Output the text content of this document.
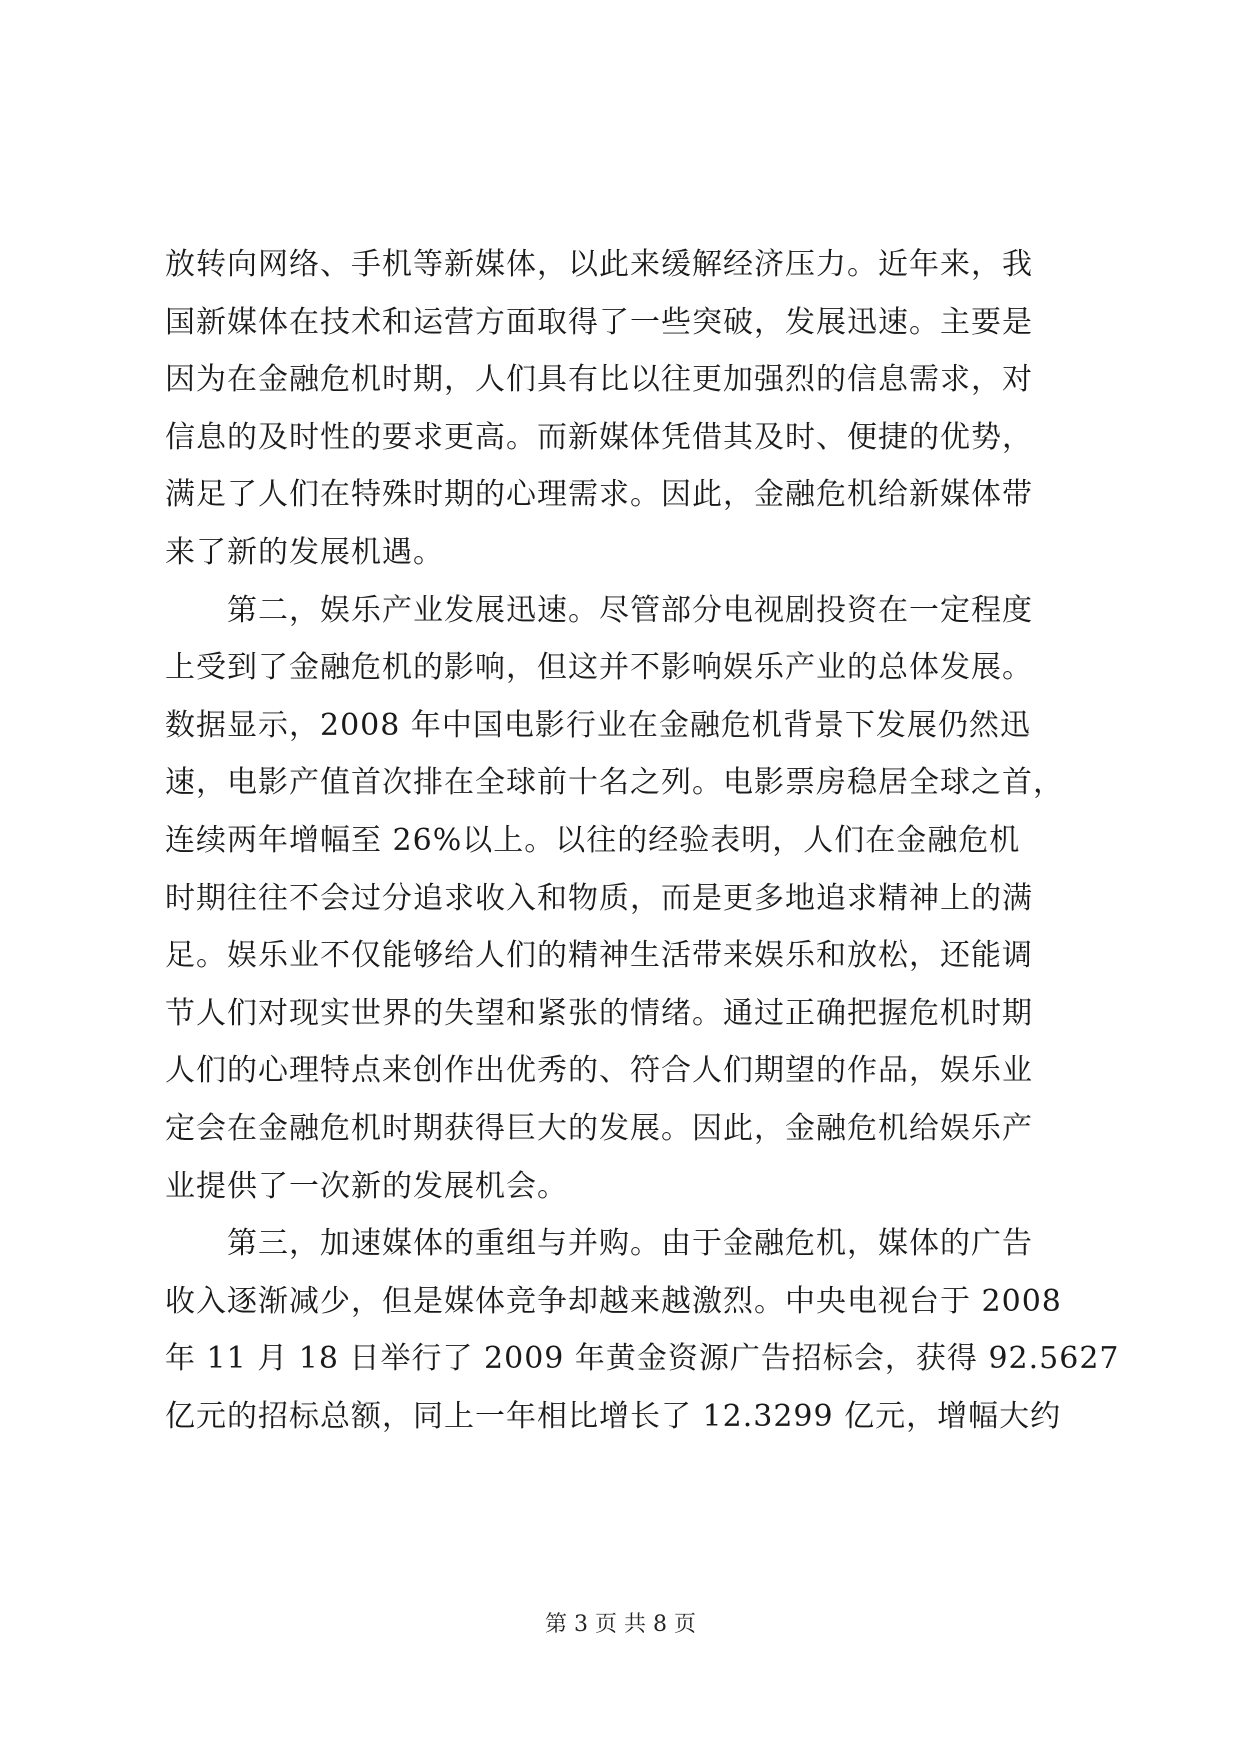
放转向网络、手机等新媒体，以此来缓解经济压力。近年来，我
国新媒体在技术和运营方面取得了一些突破，发展迅速。主要是
因为在金融危机时期，人们具有比以往更加强烈的信息需求，对
信息的及时性的要求更高。而新媒体凭借其及时、便捷的优势，
满足了人们在特殊时期的心理需求。因此，金融危机给新媒体带
来了新的发展机遇。

第二，娱乐产业发展迅速。尽管部分电视剧投资在一定程度
上受到了金融危机的影响，但这并不影响娱乐产业的总体发展。
数据显示，2008 年中国电影行业在金融危机背景下发展仍然迅
速，电影产值首次排在全球前十名之列。电影票房稳居全球之首，
连续两年增幅至 26%以上。以往的经验表明，人们在金融危机
时期往往不会过分追求收入和物质，而是更多地追求精神上的满
足。娱乐业不仅能够给人们的精神生活带来娱乐和放松，还能调
节人们对现实世界的失望和紧张的情绪。通过正确把握危机时期
人们的心理特点来创作出优秀的、符合人们期望的作品，娱乐业
定会在金融危机时期获得巨大的发展。因此，金融危机给娱乐产
业提供了一次新的发展机会。

第三，加速媒体的重组与并购。由于金融危机，媒体的广告
收入逐渐减少，但是媒体竞争却越来越激烈。中央电视台于 2008
年 11 月 18 日举行了 2009 年黄金资源广告招标会，获得 92.5627
亿元的招标总额，同上一年相比增长了 12.3299 亿元，增幅大约

第 3 页 共 8 页
